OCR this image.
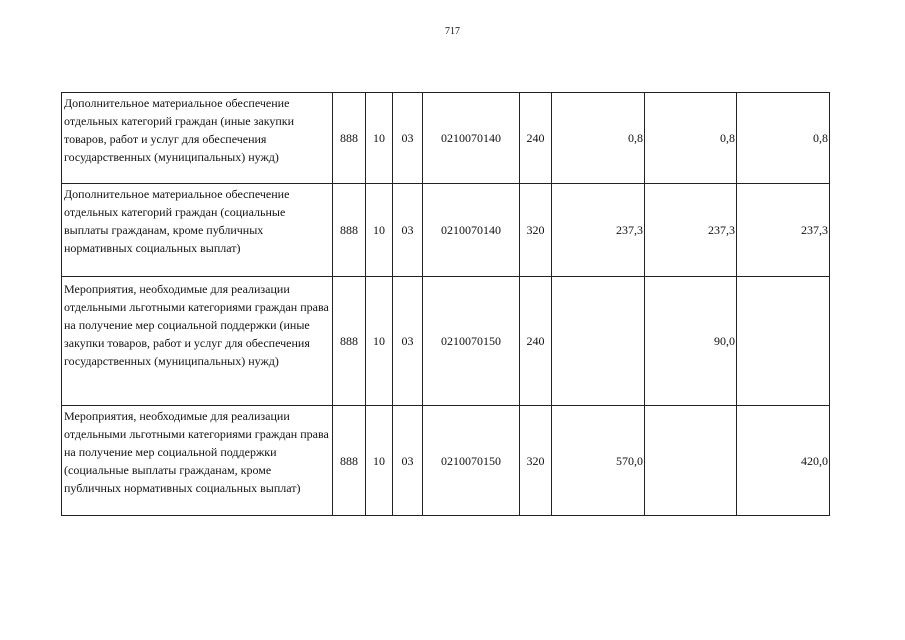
717
Дополнительное материальное обеспечение отдельных категорий граждан (иные закупки товаров, работ и услуг для обеспечения государственных (муниципальных) нужд)	888	10	03	0210070140	240	0,8	0,8	0,8
Дополнительное материальное обеспечение отдельных категорий граждан (социальные выплаты гражданам, кроме публичных нормативных социальных выплат)	888	10	03	0210070140	320	237,3	237,3	237,3
Мероприятия, необходимые для реализации отдельными льготными категориями граждан права на получение мер социальной поддержки (иные закупки товаров, работ и услуг для обеспечения государственных (муниципальных) нужд)	888	10	03	0210070150	240		90,0	
Мероприятия, необходимые для реализации отдельными льготными категориями граждан права на получение мер социальной поддержки (социальные выплаты гражданам, кроме публичных нормативных социальных выплат)	888	10	03	0210070150	320	570,0		420,0
